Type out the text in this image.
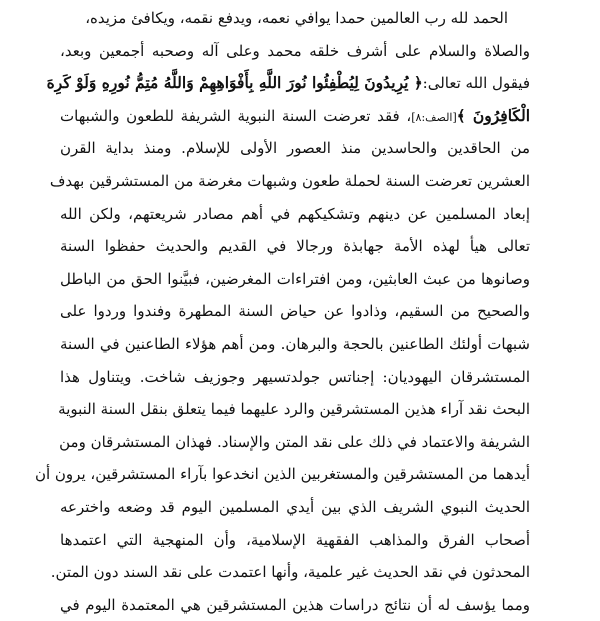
الحمد لله رب العالمين حمدا يوافي نعمه، ويدفع نقمه، ويكافئ مزيده،
والصلاة والسلام على أشرف خلقه محمد وعلى آله وصحبه أجمعين وبعد،
فيقول الله تعالى:﴿ يُرِيدُونَ لِيُطْفِئُوا نُورَ اللَّهِ بِأَفْوَاهِهِمْ وَاللَّهُ مُتِمُّ نُورِهِ وَلَوْ كَرِهَ
الْكَافِرُونَ ﴾[الصف:٨]، فقد تعرضت السنة النبوية الشريفة للطعون والشبهات
من الحاقدين والحاسدين منذ العصور الأولى للإسلام. ومنذ بداية القرن
العشرين تعرضت السنة لحملة طعون وشبهات مغرضة من المستشرقين بهدف
إبعاد المسلمين عن دينهم وتشكيكهم في أهم مصادر شريعتهم، ولكن الله
تعالى هيأ لهذه الأمة جهابذة ورجالا في القديم والحديث حفظوا السنة
وصانوها من عبث العابثين، ومن افتراءات المغرضين، فبيَّنوا الحق من الباطل
والصحيح من السقيم، وذادوا عن حياض السنة المطهرة وفندوا وردوا على
شبهات أولئك الطاعنين بالحجة والبرهان. ومن أهم هؤلاء الطاعنين في السنة
المستشرقان اليهوديان: إجناتس جولدتسيهر وجوزيف شاخت. ويتناول هذا
البحث نقد آراء هذين المستشرقين والرد عليهما فيما يتعلق بنقل السنة النبوية
الشريفة والاعتماد في ذلك على نقد المتن والإسناد. فهذان المستشرقان ومن
أيدهما من المستشرقين والمستغربين الذين انخدعوا بآراء المستشرقين، يرون أن
الحديث النبوي الشريف الذي بين أيدي المسلمين اليوم قد وضعه واخترعه
أصحاب الفرق والمذاهب الفقهية الإسلامية، وأن المنهجية التي اعتمدها
المحدثون في نقد الحديث غير علمية، وأنها اعتمدت على نقد السند دون المتن.
ومما يؤسف له أن نتائج دراسات هذين المستشرقين هي المعتمدة اليوم في
